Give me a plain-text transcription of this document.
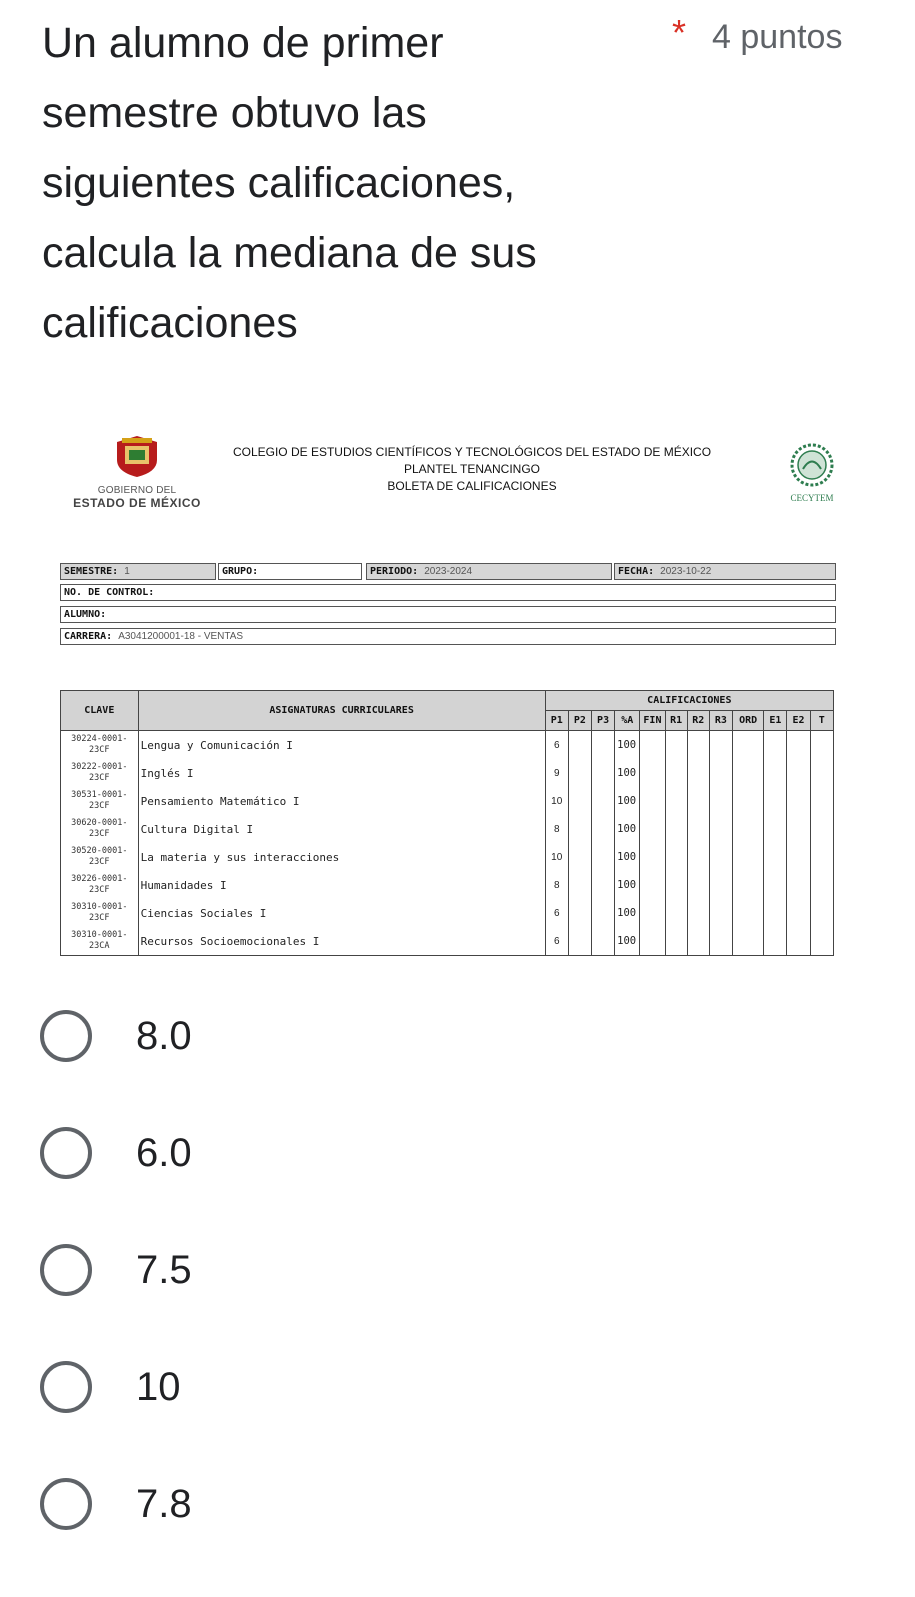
Un alumno de primer
semestre obtuvo las
siguientes calificaciones,
calcula la mediana de sus
calificaciones
* 4 puntos
GOBIERNO DEL
ESTADO DE MÉXICO
COLEGIO DE ESTUDIOS CIENTÍFICOS Y TECNOLÓGICOS DEL ESTADO DE MÉXICO
PLANTEL TENANCINGO
BOLETA DE CALIFICACIONES
CECYTEM
SEMESTRE: 1	GRUPO:	PERIODO: 2023-2024	FECHA: 2023-10-22
NO. DE CONTROL:
ALUMNO:
CARRERA: A3041200001-18 - VENTAS
CLAVE	ASIGNATURAS CURRICULARES	CALIFICACIONES											
		P1	P2	P3	%A	FIN	R1	R2	R3	ORD	E1	E2	T

30224-0001-
23CF	Lengua y Comunicación I	6			100								

30222-0001-
23CF	Inglés I	9			100								

30531-0001-
23CF	Pensamiento Matemático I	10			100								

30620-0001-
23CF	Cultura Digital I	8			100								

30520-0001-
23CF	La materia y sus interacciones	10			100								

30226-0001-
23CF	Humanidades I	8			100								

30310-0001-
23CF	Ciencias Sociales I	6			100								

30310-0001-
23CA	Recursos Socioemocionales I	6			100								
8.0
6.0
7.5
10
7.8
